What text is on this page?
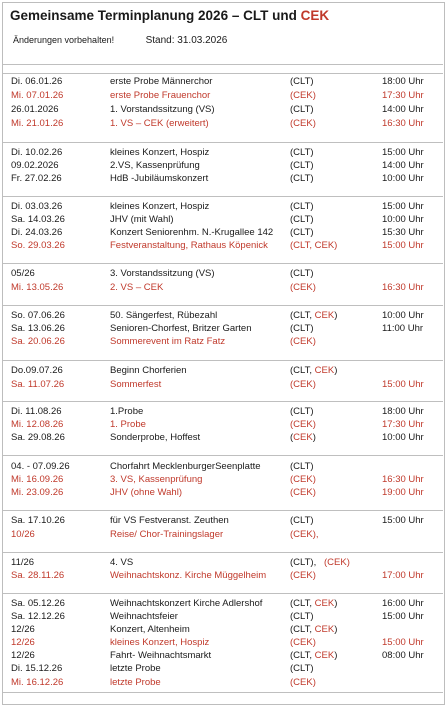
Gemeinsame Terminplanung 2026 – CLT und CEK
Änderungen vorbehalten!	Stand: 31.03.2026
Di. 06.01.26	erste Probe Männerchor	(CLT)	18:00 Uhr
Mi. 07.01.26	erste Probe Frauenchor	(CEK)	17:30 Uhr
26.01.2026	1. Vorstandssitzung (VS)	(CLT)	14:00 Uhr
Mi. 21.01.26	1. VS – CEK (erweitert)	(CEK)	16:30 Uhr
Di. 10.02.26	kleines Konzert, Hospiz	(CLT)	15:00 Uhr
09.02.2026	2.VS, Kassenprüfung	(CLT)	14:00 Uhr
Fr. 27.02.26	HdB -Jubiläumskonzert	(CLT)	10:00 Uhr
Di. 03.03.26	kleines Konzert, Hospiz	(CLT)	15:00 Uhr
Sa. 14.03.26	JHV (mit Wahl)	(CLT)	10:00 Uhr
Di. 24.03.26	Konzert Seniorenhm. N.-Krugallee 142 (CLT)	15:30 Uhr
So. 29.03.26	Festveranstaltung, Rathaus Köpenick (CLT, CEK)	15:00 Uhr
05/26	3. Vorstandssitzung (VS)	(CLT)
Mi. 13.05.26	2. VS – CEK	(CEK)	16:30 Uhr
So. 07.06.26	50. Sängerfest, Rübezahl	(CLT, CEK)	10:00 Uhr
Sa. 13.06.26	Senioren-Chorfest, Britzer Garten	(CLT)	11:00 Uhr
Sa. 20.06.26	Sommerevent im Ratz Fatz	(CEK)
Do.09.07.26	Beginn Chorferien	(CLT, CEK)
Sa. 11.07.26	Sommerfest	(CEK)	15:00 Uhr
Di. 11.08.26	1.Probe	(CLT)	18:00 Uhr
Mi. 12.08.26	1. Probe	(CEK)	17:30 Uhr
Sa. 29.08.26	Sonderprobe, Hoffest	(CEK)	10:00 Uhr
04. - 07.09.26	Chorfahrt MecklenburgerSeenplatte	(CLT)
Mi. 16.09.26	3. VS, Kassenprüfung	(CEK)	16:30 Uhr
Mi. 23.09.26	JHV (ohne Wahl)	(CEK)	19:00 Uhr
Sa. 17.10.26	für VS Festveranst. Zeuthen	(CLT)	15:00 Uhr
10/26	Reise/ Chor-Trainingslager	(CEK),
11/26	4. VS	(CLT), (CEK)
Sa. 28.11.26	Weihnachtskonz. Kirche Müggelheim	(CEK)	17:00 Uhr
Sa. 05.12.26	Weihnachtskonzert Kirche Adlershof	(CLT, CEK)	16:00 Uhr
Sa. 12.12.26	Weihnachtsfeier	(CLT)	15:00 Uhr
12/26	Konzert, Altenheim	(CLT, CEK)
12/26	kleines Konzert, Hospiz	(CEK)	15:00 Uhr
12/26	Fahrt- Weihnachtsmarkt	(CLT, CEK)	08:00 Uhr
Di. 15.12.26	letzte Probe	(CLT)
Mi. 16.12.26	letzte Probe	(CEK)
